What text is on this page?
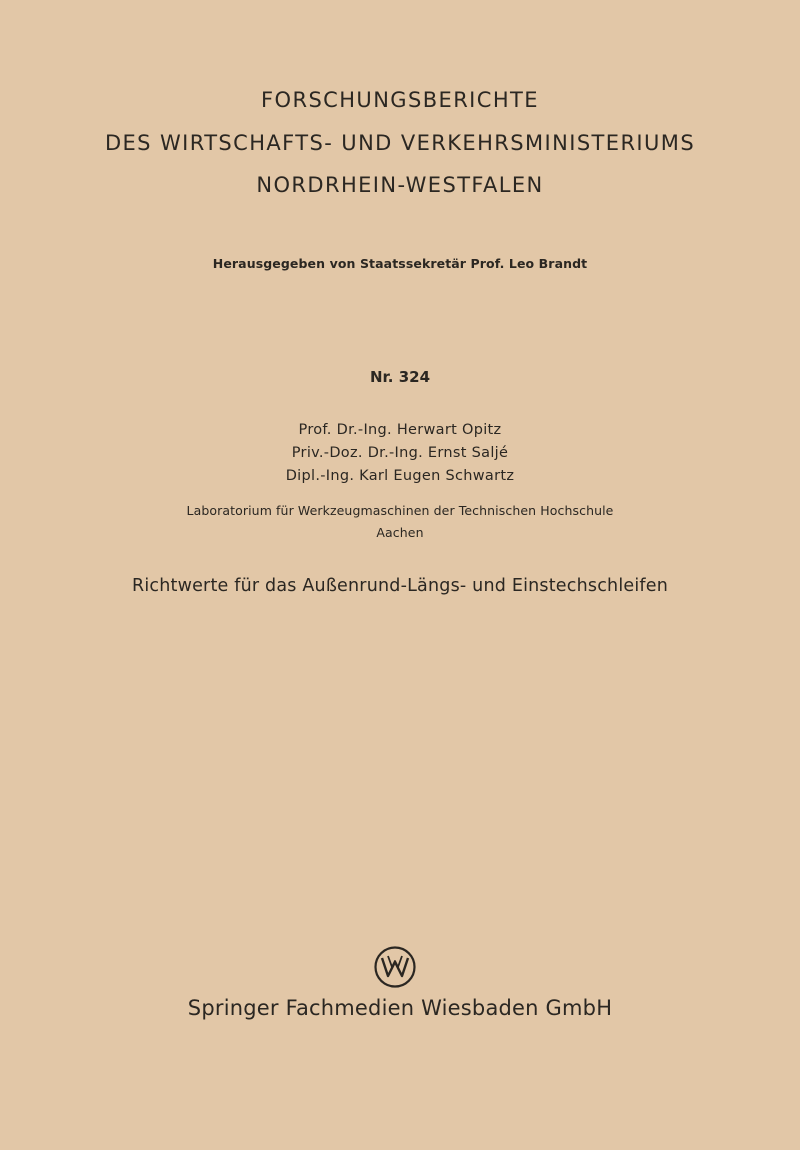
FORSCHUNGSBERICHTE
DES WIRTSCHAFTS- UND VERKEHRSMINISTERIUMS
NORDRHEIN-WESTFALEN
Herausgegeben von Staatssekretär Prof. Leo Brandt
Nr. 324
Prof. Dr.-Ing. Herwart Opitz
Priv.-Doz. Dr.-Ing. Ernst Saljé
Dipl.-Ing. Karl Eugen Schwartz
Laboratorium für Werkzeugmaschinen der Technischen Hochschule
Aachen
Richtwerte für das Außenrund-Längs- und Einstechschleifen
Springer Fachmedien Wiesbaden GmbH
